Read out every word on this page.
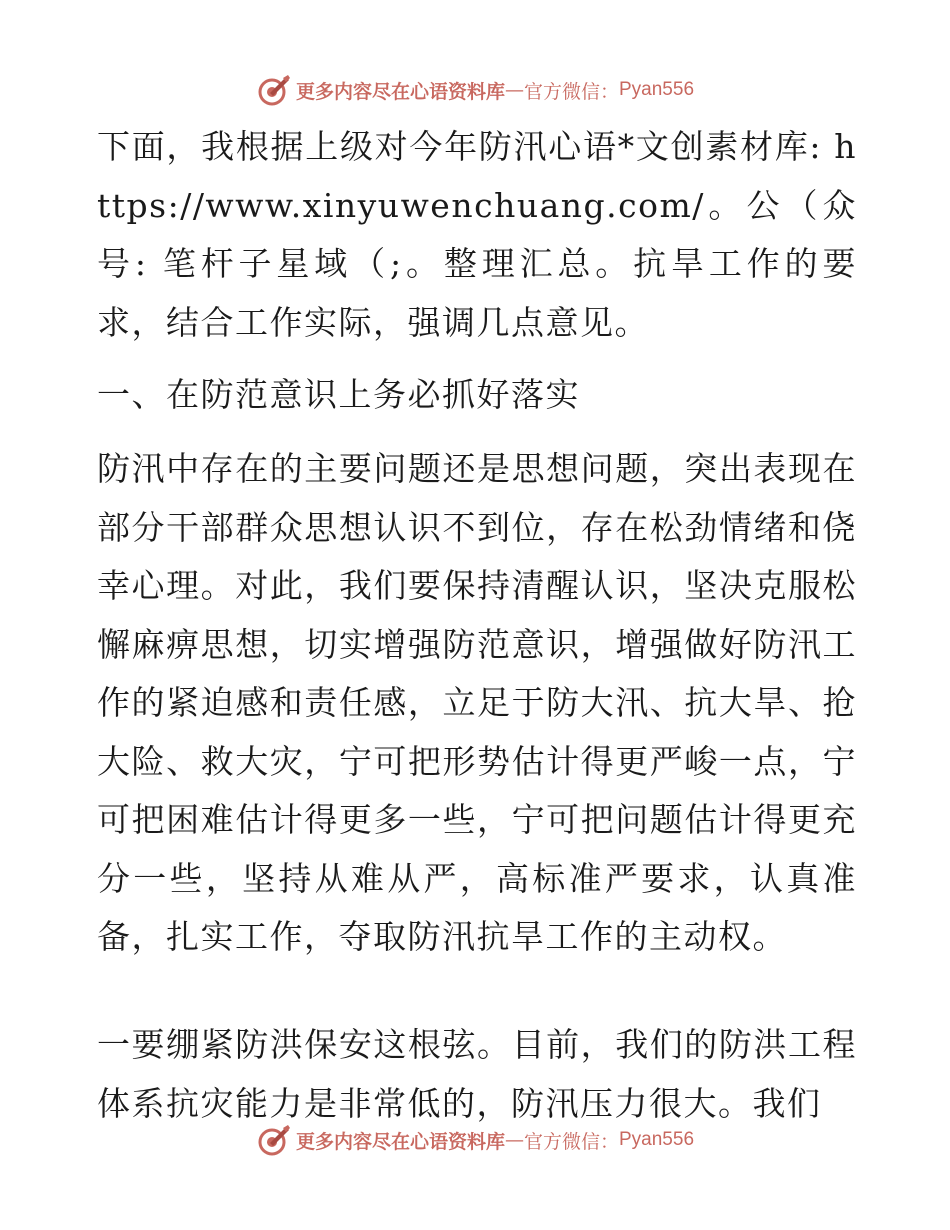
更多内容尽在心语资料库 — 官方微信： Pyan556

下面，我根据上级对今年防汛心语*文创素材库: https://www.xinyuwenchuang.com/。公（众号: 笔杆子星域（;。整理汇总。抗旱工作的要求，结合工作实际，强调几点意见。

一、在防范意识上务必抓好落实

防汛中存在的主要问题还是思想问题，突出表现在部分干部群众思想认识不到位，存在松劲情绪和侥幸心理。对此，我们要保持清醒认识，坚决克服松懈麻痹思想，切实增强防范意识，增强做好防汛工作的紧迫感和责任感，立足于防大汛、抗大旱、抢大险、救大灾，宁可把形势估计得更严峻一点，宁可把困难估计得更多一些，宁可把问题估计得更充分一些，坚持从难从严，高标准严要求，认真准备，扎实工作，夺取防汛抗旱工作的主动权。

一要绷紧防洪保安这根弦。目前，我们的防洪工程体系抗灾能力是非常低的，防汛压力很大。我们

更多内容尽在心语资料库 — 官方微信： Pyan556
